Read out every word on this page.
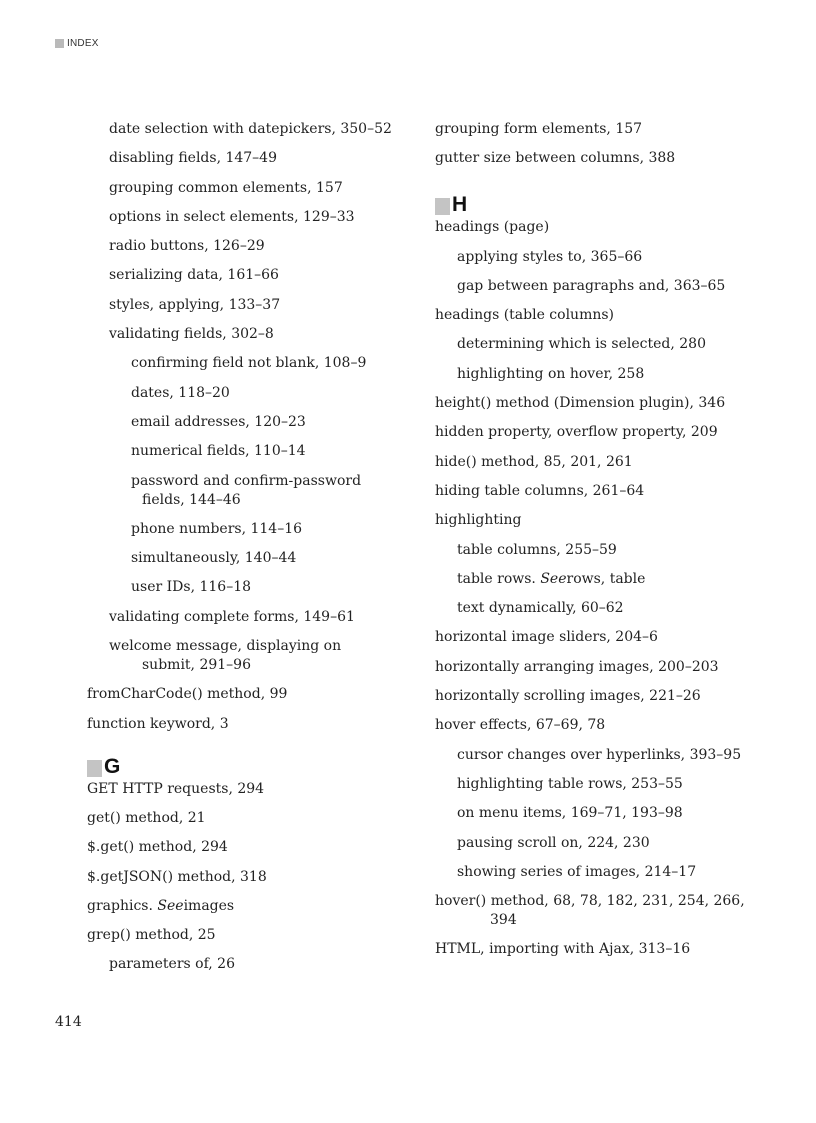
INDEX
date selection with datepickers, 350–52
disabling fields, 147–49
grouping common elements, 157
options in select elements, 129–33
radio buttons, 126–29
serializing data, 161–66
styles, applying, 133–37
validating fields, 302–8
confirming field not blank, 108–9
dates, 118–20
email addresses, 120–23
numerical fields, 110–14
password and confirm-password
fields, 144–46
phone numbers, 114–16
simultaneously, 140–44
user IDs, 116–18
validating complete forms, 149–61
welcome message, displaying on
submit, 291–96
fromCharCode() method, 99
function keyword, 3
G
GET HTTP requests, 294
get() method, 21
$.get() method, 294
$.getJSON() method, 318
graphics. Seeimages
grep() method, 25
parameters of, 26
grouping form elements, 157
gutter size between columns, 388
H
headings (page)
applying styles to, 365–66
gap between paragraphs and, 363–65
headings (table columns)
determining which is selected, 280
highlighting on hover, 258
height() method (Dimension plugin), 346
hidden property, overflow property, 209
hide() method, 85, 201, 261
hiding table columns, 261–64
highlighting
table columns, 255–59
table rows. Seerows, table
text dynamically, 60–62
horizontal image sliders, 204–6
horizontally arranging images, 200–203
horizontally scrolling images, 221–26
hover effects, 67–69, 78
cursor changes over hyperlinks, 393–95
highlighting table rows, 253–55
on menu items, 169–71, 193–98
pausing scroll on, 224, 230
showing series of images, 214–17
hover() method, 68, 78, 182, 231, 254, 266,
394
HTML, importing with Ajax, 313–16
414
